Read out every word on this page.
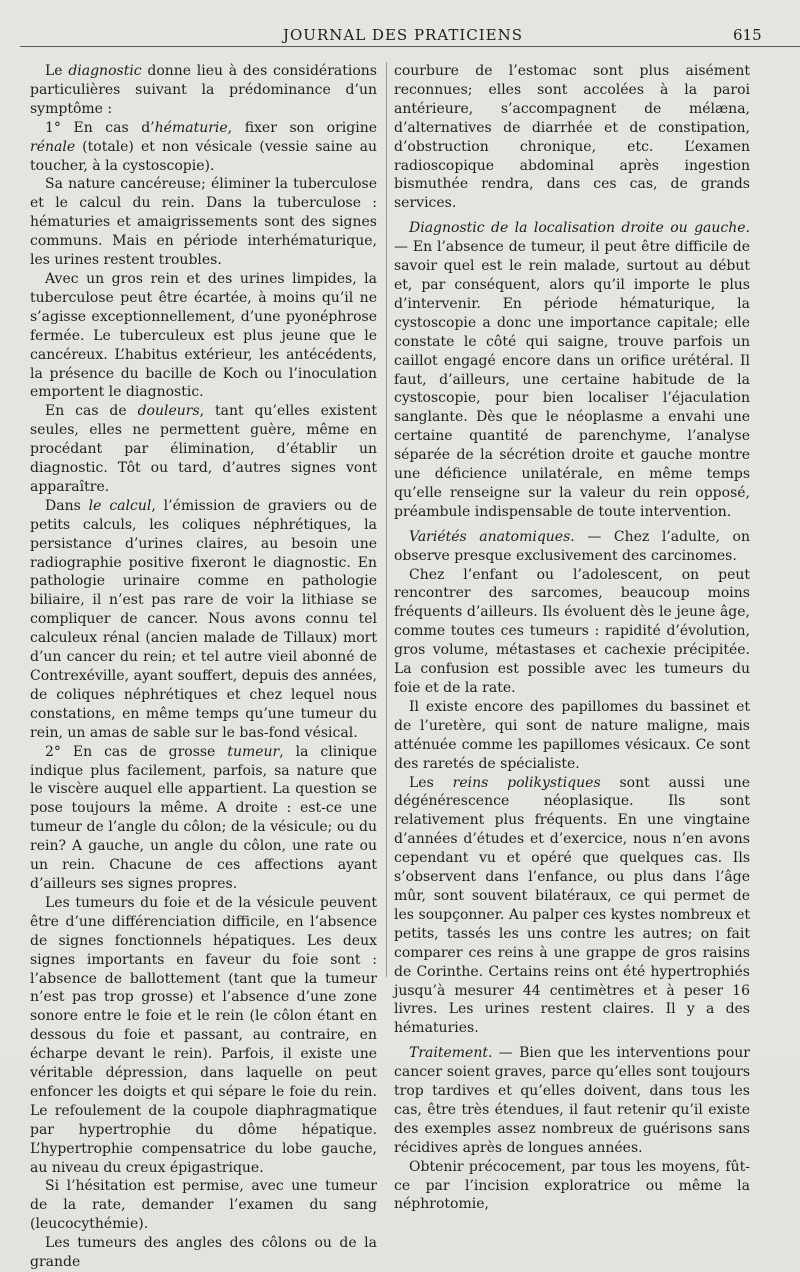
JOURNAL DES PRATICIENS	615

Le diagnostic donne lieu à des considérations particulières suivant la prédominance d’un symptôme :

1° En cas d’hématurie, fixer son origine rénale (totale) et non vésicale (vessie saine au toucher, à la cystoscopie).

Sa nature cancéreuse; éliminer la tuberculose et le calcul du rein. Dans la tuberculose : hématuries et amaigrissements sont des signes communs. Mais en période interhématurique, les urines restent troubles.

Avec un gros rein et des urines limpides, la tuberculose peut être écartée, à moins qu’il ne s’agisse exceptionnellement, d’une pyonéphrose fermée. Le tuberculeux est plus jeune que le cancéreux. L’habitus extérieur, les antécédents, la présence du bacille de Koch ou l’inoculation emportent le diagnostic.

En cas de douleurs, tant qu’elles existent seules, elles ne permettent guère, même en procédant par élimination, d’établir un diagnostic. Tôt ou tard, d’autres signes vont apparaître.

Dans le calcul, l’émission de graviers ou de petits calculs, les coliques néphrétiques, la persistance d’urines claires, au besoin une radiographie positive fixeront le diagnostic. En pathologie urinaire comme en pathologie biliaire, il n’est pas rare de voir la lithiase se compliquer de cancer. Nous avons connu tel calculeux rénal (ancien malade de Tillaux) mort d’un cancer du rein; et tel autre vieil abonné de Contrexéville, ayant souffert, depuis des années, de coliques néphrétiques et chez lequel nous constations, en même temps qu’une tumeur du rein, un amas de sable sur le bas-fond vésical.

2° En cas de grosse tumeur, la clinique indique plus facilement, parfois, sa nature que le viscère auquel elle appartient. La question se pose toujours la même. A droite : est-ce une tumeur de l’angle du côlon; de la vésicule; ou du rein? A gauche, un angle du côlon, une rate ou un rein. Chacune de ces affections ayant d’ailleurs ses signes propres.

Les tumeurs du foie et de la vésicule peuvent être d’une différenciation difficile, en l’absence de signes fonctionnels hépatiques. Les deux signes importants en faveur du foie sont : l’absence de ballottement (tant que la tumeur n’est pas trop grosse) et l’absence d’une zone sonore entre le foie et le rein (le côlon étant en dessous du foie et passant, au contraire, en écharpe devant le rein). Parfois, il existe une véritable dépression, dans laquelle on peut enfoncer les doigts et qui sépare le foie du rein. Le refoulement de la coupole diaphragmatique par hypertrophie du dôme hépatique. L’hypertrophie compensatrice du lobe gauche, au niveau du creux épigastrique.

Si l’hésitation est permise, avec une tumeur de la rate, demander l’examen du sang (leucocythémie).

Les tumeurs des angles des côlons ou de la grande

courbure de l’estomac sont plus aisément reconnues; elles sont accolées à la paroi antérieure, s’accompagnent de mélæna, d’alternatives de diarrhée et de constipation, d’obstruction chronique, etc. L’examen radioscopique abdominal après ingestion bismuthée rendra, dans ces cas, de grands services.

Diagnostic de la localisation droite ou gauche. — En l’absence de tumeur, il peut être difficile de savoir quel est le rein malade, surtout au début et, par conséquent, alors qu’il importe le plus d’intervenir. En période hématurique, la cystoscopie a donc une importance capitale; elle constate le côté qui saigne, trouve parfois un caillot engagé encore dans un orifice urétéral. Il faut, d’ailleurs, une certaine habitude de la cystoscopie, pour bien localiser l’éjaculation sanglante. Dès que le néoplasme a envahi une certaine quantité de parenchyme, l’analyse séparée de la sécrétion droite et gauche montre une déficience unilatérale, en même temps qu’elle renseigne sur la valeur du rein opposé, préambule indispensable de toute intervention.

Variétés anatomiques. — Chez l’adulte, on observe presque exclusivement des carcinomes.

Chez l’enfant ou l’adolescent, on peut rencontrer des sarcomes, beaucoup moins fréquents d’ailleurs. Ils évoluent dès le jeune âge, comme toutes ces tumeurs : rapidité d’évolution, gros volume, métastases et cachexie précipitée. La confusion est possible avec les tumeurs du foie et de la rate.

Il existe encore des papillomes du bassinet et de l’uretère, qui sont de nature maligne, mais atténuée comme les papillomes vésicaux. Ce sont des raretés de spécialiste.

Les reins polikystiques sont aussi une dégénérescence néoplasique. Ils sont relativement plus fréquents. En une vingtaine d’années d’études et d’exercice, nous n’en avons cependant vu et opéré que quelques cas. Ils s’observent dans l’enfance, ou plus dans l’âge mûr, sont souvent bilatéraux, ce qui permet de les soupçonner. Au palper ces kystes nombreux et petits, tassés les uns contre les autres; on fait comparer ces reins à une grappe de gros raisins de Corinthe. Certains reins ont été hypertrophiés jusqu’à mesurer 44 centimètres et à peser 16 livres. Les urines restent claires. Il y a des hématuries.

Traitement. — Bien que les interventions pour cancer soient graves, parce qu’elles sont toujours trop tardives et qu’elles doivent, dans tous les cas, être très étendues, il faut retenir qu’il existe des exemples assez nombreux de guérisons sans récidives après de longues années.

Obtenir précocement, par tous les moyens, fût-ce par l’incision exploratrice ou même la néphrotomie,
